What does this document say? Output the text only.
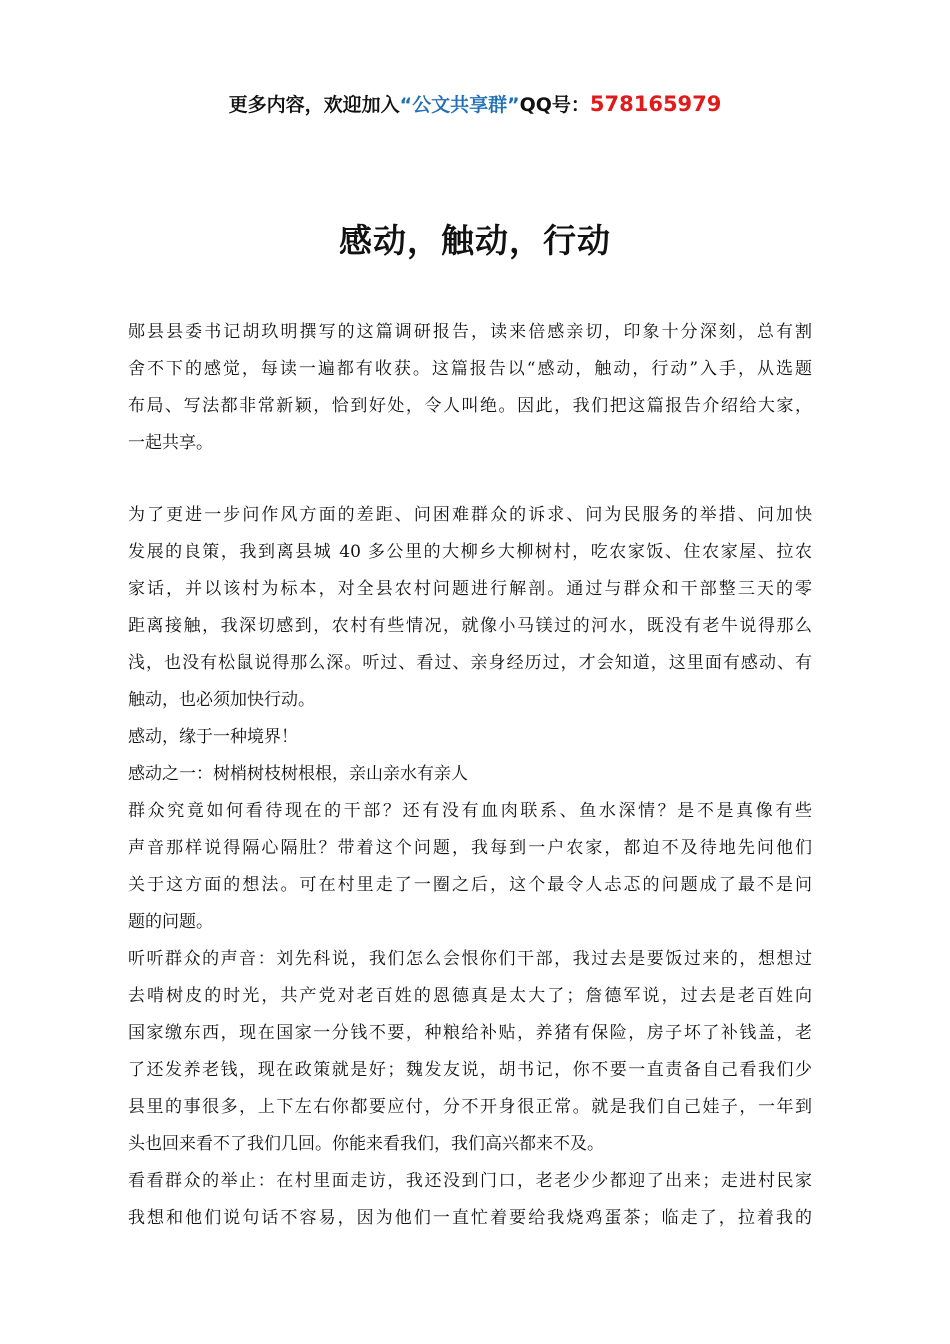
更多内容，欢迎加入“公文共享群”QQ号：578165979
感动，触动，行动
郧县县委书记胡玖明撰写的这篇调研报告，读来倍感亲切，印象十分深刻，总有割
舍不下的感觉，每读一遍都有收获。这篇报告以“感动，触动，行动”入手，从选题
布局、写法都非常新颖，恰到好处，令人叫绝。因此，我们把这篇报告介绍给大家，
一起共享。
为了更进一步问作风方面的差距、问困难群众的诉求、问为民服务的举措、问加快
发展的良策，我到离县城 40 多公里的大柳乡大柳树村，吃农家饭、住农家屋、拉农
家话，并以该村为标本，对全县农村问题进行解剖。通过与群众和干部整三天的零
距离接触，我深切感到，农村有些情况，就像小马镁过的河水，既没有老牛说得那么
浅，也没有松鼠说得那么深。听过、看过、亲身经历过，才会知道，这里面有感动、有
触动，也必须加快行动。
感动，缘于一种境界！
感动之一：树梢树枝树根根，亲山亲水有亲人
群众究竟如何看待现在的干部？还有没有血肉联系、鱼水深情？是不是真像有些
声音那样说得隔心隔肚？带着这个问题，我每到一户农家，都迫不及待地先问他们
关于这方面的想法。可在村里走了一圈之后，这个最令人忐忑的问题成了最不是问
题的问题。
听听群众的声音：刘先科说，我们怎么会恨你们干部，我过去是要饭过来的，想想过
去啃树皮的时光，共产党对老百姓的恩德真是太大了；詹德军说，过去是老百姓向
国家缴东西，现在国家一分钱不要，种粮给补贴，养猪有保险，房子坏了补钱盖，老
了还发养老钱，现在政策就是好；魏发友说，胡书记，你不要一直责备自己看我们少
县里的事很多，上下左右你都要应付，分不开身很正常。就是我们自己娃子，一年到
头也回来看不了我们几回。你能来看我们，我们高兴都来不及。
看看群众的举止：在村里面走访，我还没到门口，老老少少都迎了出来；走进村民家
我想和他们说句话不容易，因为他们一直忙着要给我烧鸡蛋茶；临走了，拉着我的
